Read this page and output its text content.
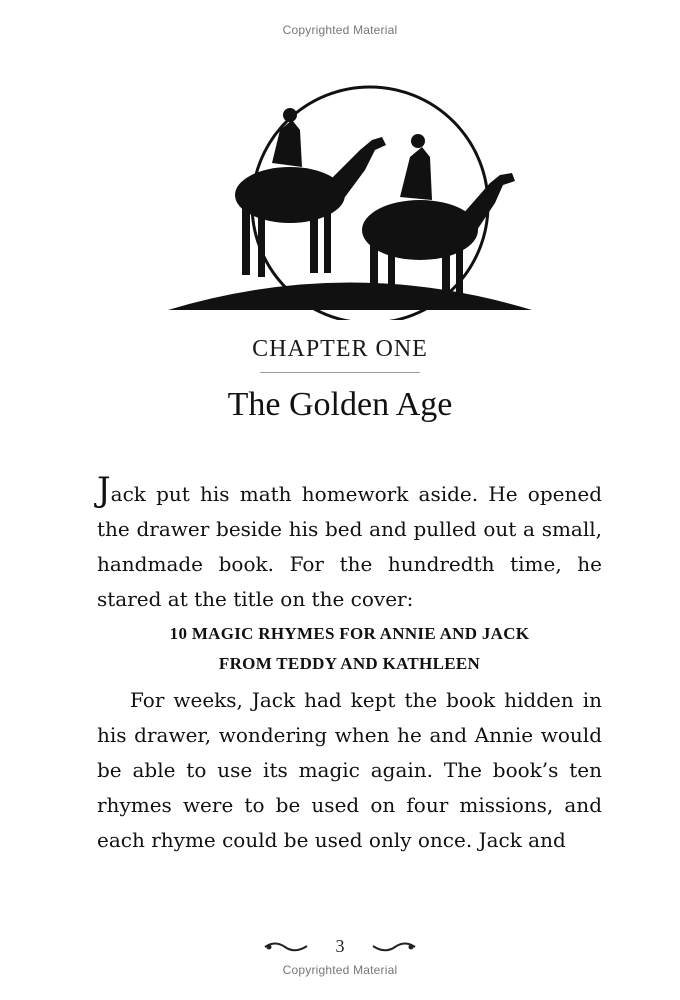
Copyrighted Material
CHAPTER ONE
The Golden Age

Jack put his math homework aside. He opened the drawer beside his bed and pulled out a small, handmade book. For the hundredth time, he stared at the title on the cover:

10 MAGIC RHYMES FOR ANNIE AND JACK
FROM TEDDY AND KATHLEEN

For weeks, Jack had kept the book hidden in his drawer, wondering when he and Annie would be able to use its magic again. The book’s ten rhymes were to be used on four missions, and each rhyme could be used only once. Jack and

3
Copyrighted Material
